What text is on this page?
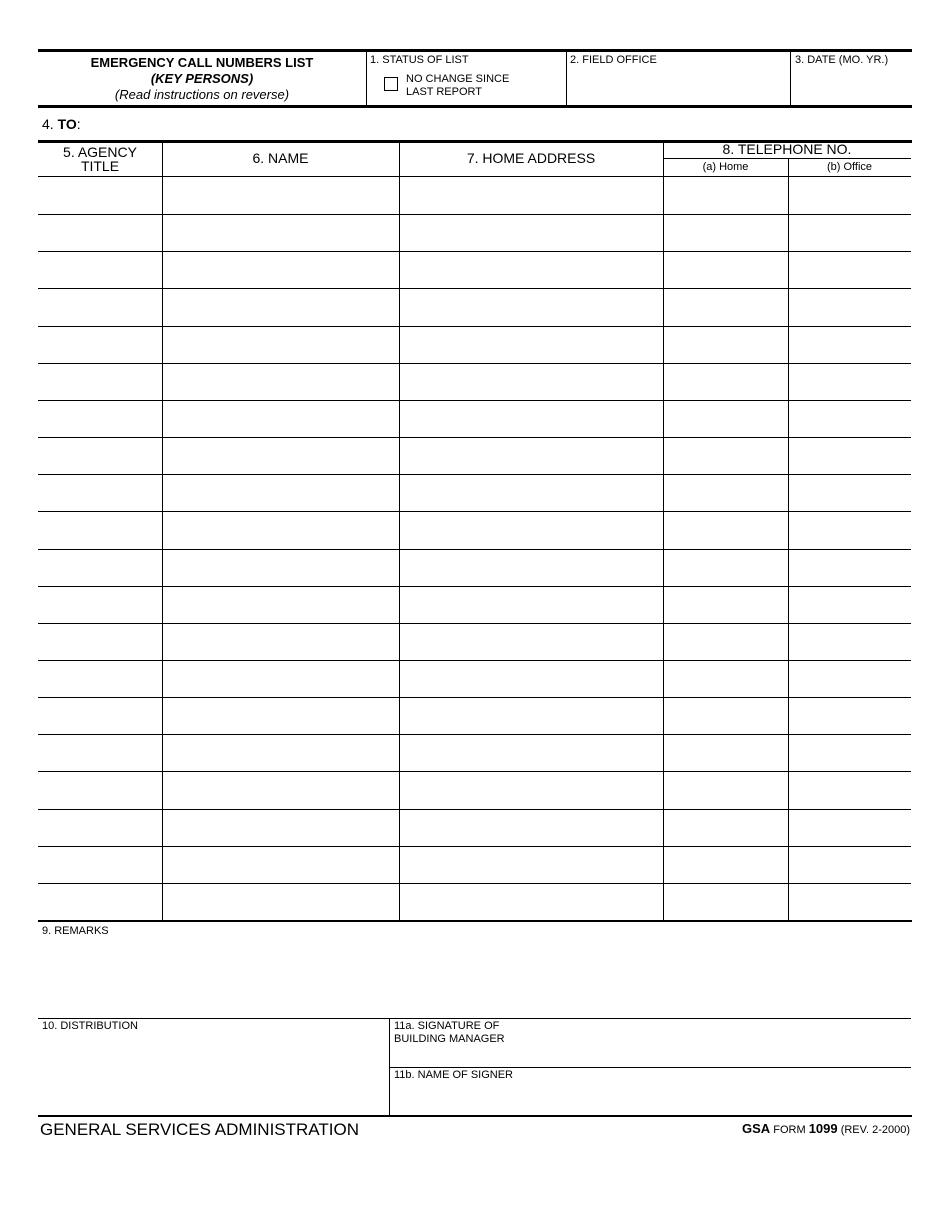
EMERGENCY CALL NUMBERS LIST
(KEY PERSONS)
(Read instructions on reverse)
1. STATUS OF LIST
NO CHANGE SINCE
LAST REPORT
2. FIELD OFFICE	3. DATE (MO. YR.)
4. TO:
5. AGENCY
TITLE	6. NAME	7. HOME ADDRESS
8. TELEPHONE NO.
(a) Home	(b) Office
9. REMARKS
10. DISTRIBUTION	11a. SIGNATURE OF
BUILDING MANAGER
11b. NAME OF SIGNER
GENERAL SERVICES ADMINISTRATION	GSA FORM 1099 (REV. 2-2000)
